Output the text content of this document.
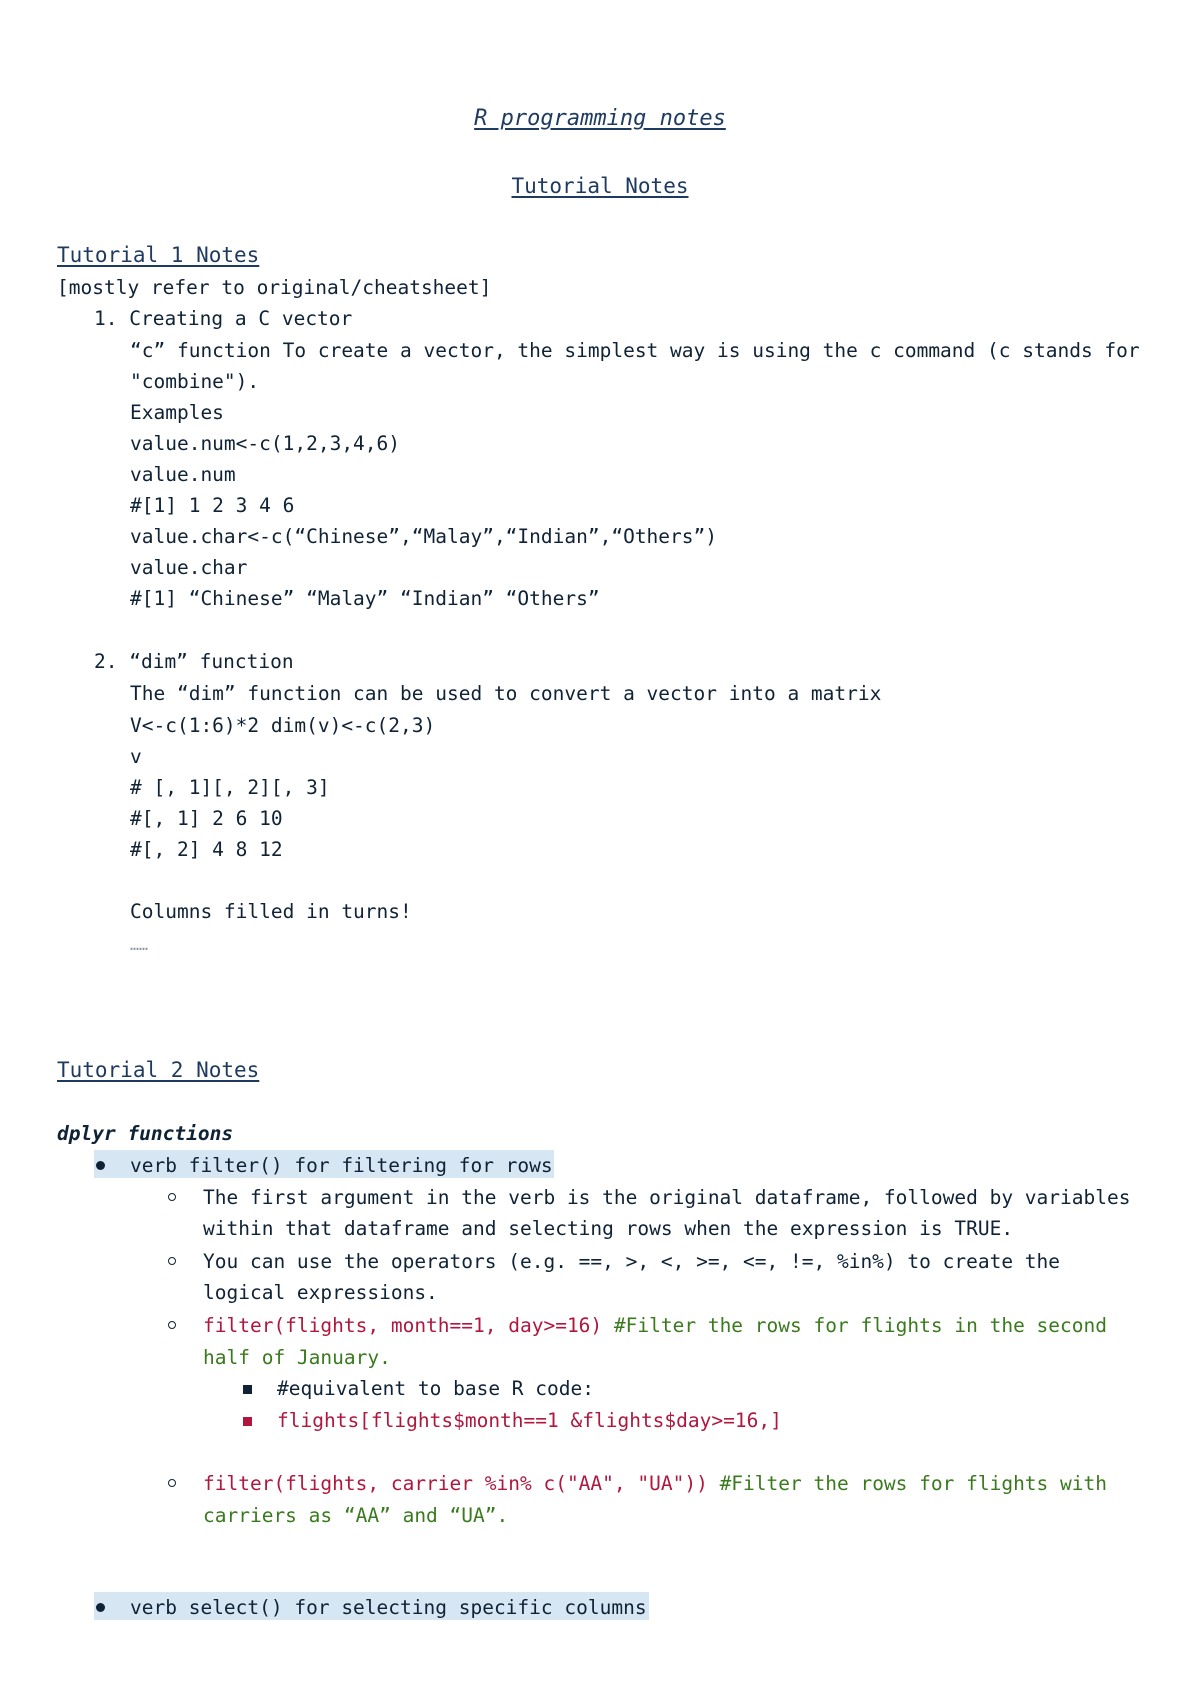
R programming notes
Tutorial Notes
Tutorial 1 Notes
[mostly refer to original/cheatsheet]
1. Creating a C vector
“c” function To create a vector, the simplest way is using the c command (c stands for
"combine").
Examples
value.num<-c(1,2,3,4,6)
value.num
#[1] 1 2 3 4 6
value.char<-c(“Chinese”,“Malay”,“Indian”,“Others”)
value.char
#[1] “Chinese” “Malay” “Indian” “Others”
2. “dim” function
The “dim” function can be used to convert a vector into a matrix
V<-c(1:6)*2 dim(v)<-c(2,3)
v
# [, 1][, 2][, 3]
#[, 1] 2 6 10
#[, 2] 4 8 12
Columns filled in turns!
……
Tutorial 2 Notes
dplyr functions
verb filter() for filtering for rows
The first argument in the verb is the original dataframe, followed by variables
within that dataframe and selecting rows when the expression is TRUE.
You can use the operators (e.g. ==, >, <, >=, <=, !=, %in%) to create the
logical expressions.
filter(flights, month==1, day>=16) #Filter the rows for flights in the second
half of January.
#equivalent to base R code:
flights[flights$month==1 &flights$day>=16,]
filter(flights, carrier %in% c("AA", "UA")) #Filter the rows for flights with
carriers as “AA” and “UA”.
verb select() for selecting specific columns
